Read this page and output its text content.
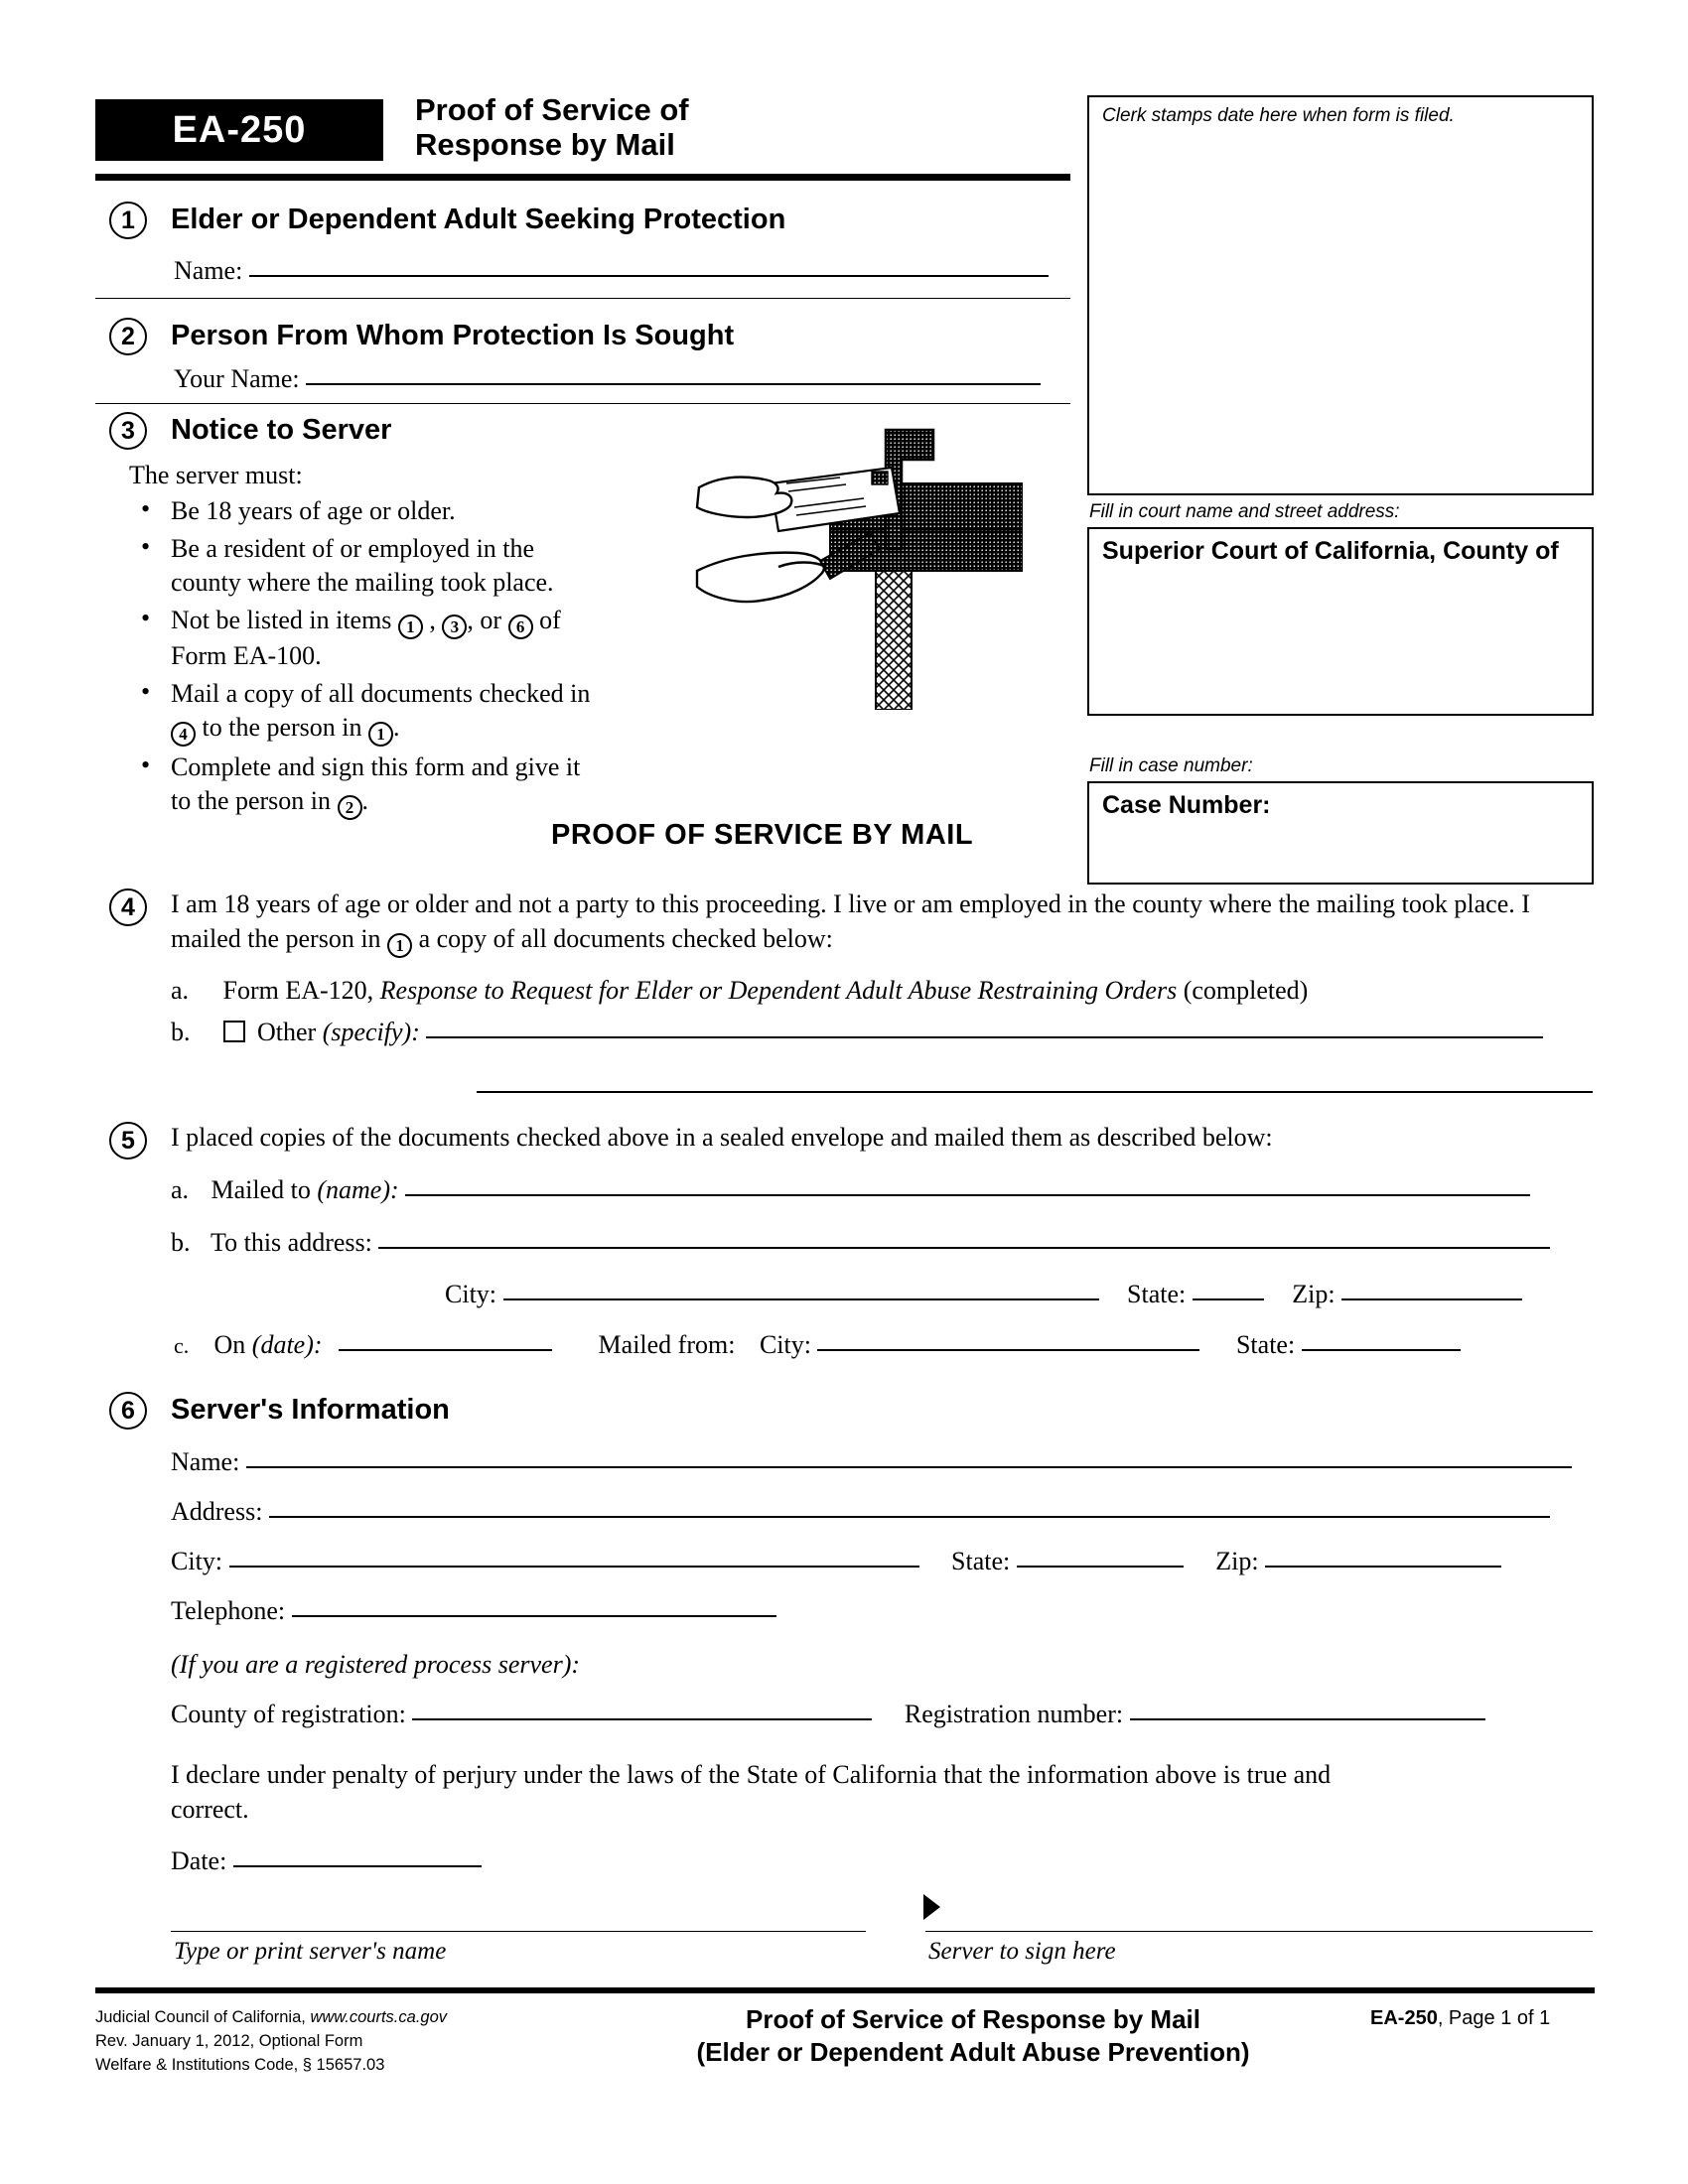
EA-250	Proof of Service of
Response by Mail
Clerk stamps date here when form is filed.
Fill in court name and street address:
Superior Court of California, County of
Fill in case number:
Case Number:
1	Elder or Dependent Adult Seeking Protection
Name:
2	Person From Whom Protection Is Sought
Your Name:
3	Notice to Server

The server must:

• Be 18 years of age or older.
• Be a resident of or employed in the county where the mailing took place.
• Not be listed in items 1 , 3 , or 6 of Form EA-100.
• Mail a copy of all documents checked in 4 to the person in 1 .
• Complete and sign this form and give it to the person in 2 .
PROOF OF SERVICE BY MAIL
4	I am 18 years of age or older and not a party to this proceeding. I live or am employed in the county where the mailing took place. I mailed the person in 1 a copy of all documents checked below:
a. Form EA-120, Response to Request for Elder or Dependent Adult Abuse Restraining Orders (completed)
b.	Other (specify):
5	I placed copies of the documents checked above in a sealed envelope and mailed them as described below:
a. Mailed to (name):
b. To this address:
City:	State:	Zip:
c. On (date):	Mailed from: City:	State:
6	Server's Information
Name:
Address:
City:	State:	Zip:
Telephone:
(If you are a registered process server):
County of registration:	Registration number:
I declare under penalty of perjury under the laws of the State of California that the information above is true and
correct.
Date:
Type or print server's name	Server to sign here
Judicial Council of California, www.courts.ca.gov
Rev. January 1, 2012, Optional Form
Welfare & Institutions Code, § 15657.03
Proof of Service of Response by Mail
(Elder or Dependent Adult Abuse Prevention)
EA-250, Page 1 of 1
